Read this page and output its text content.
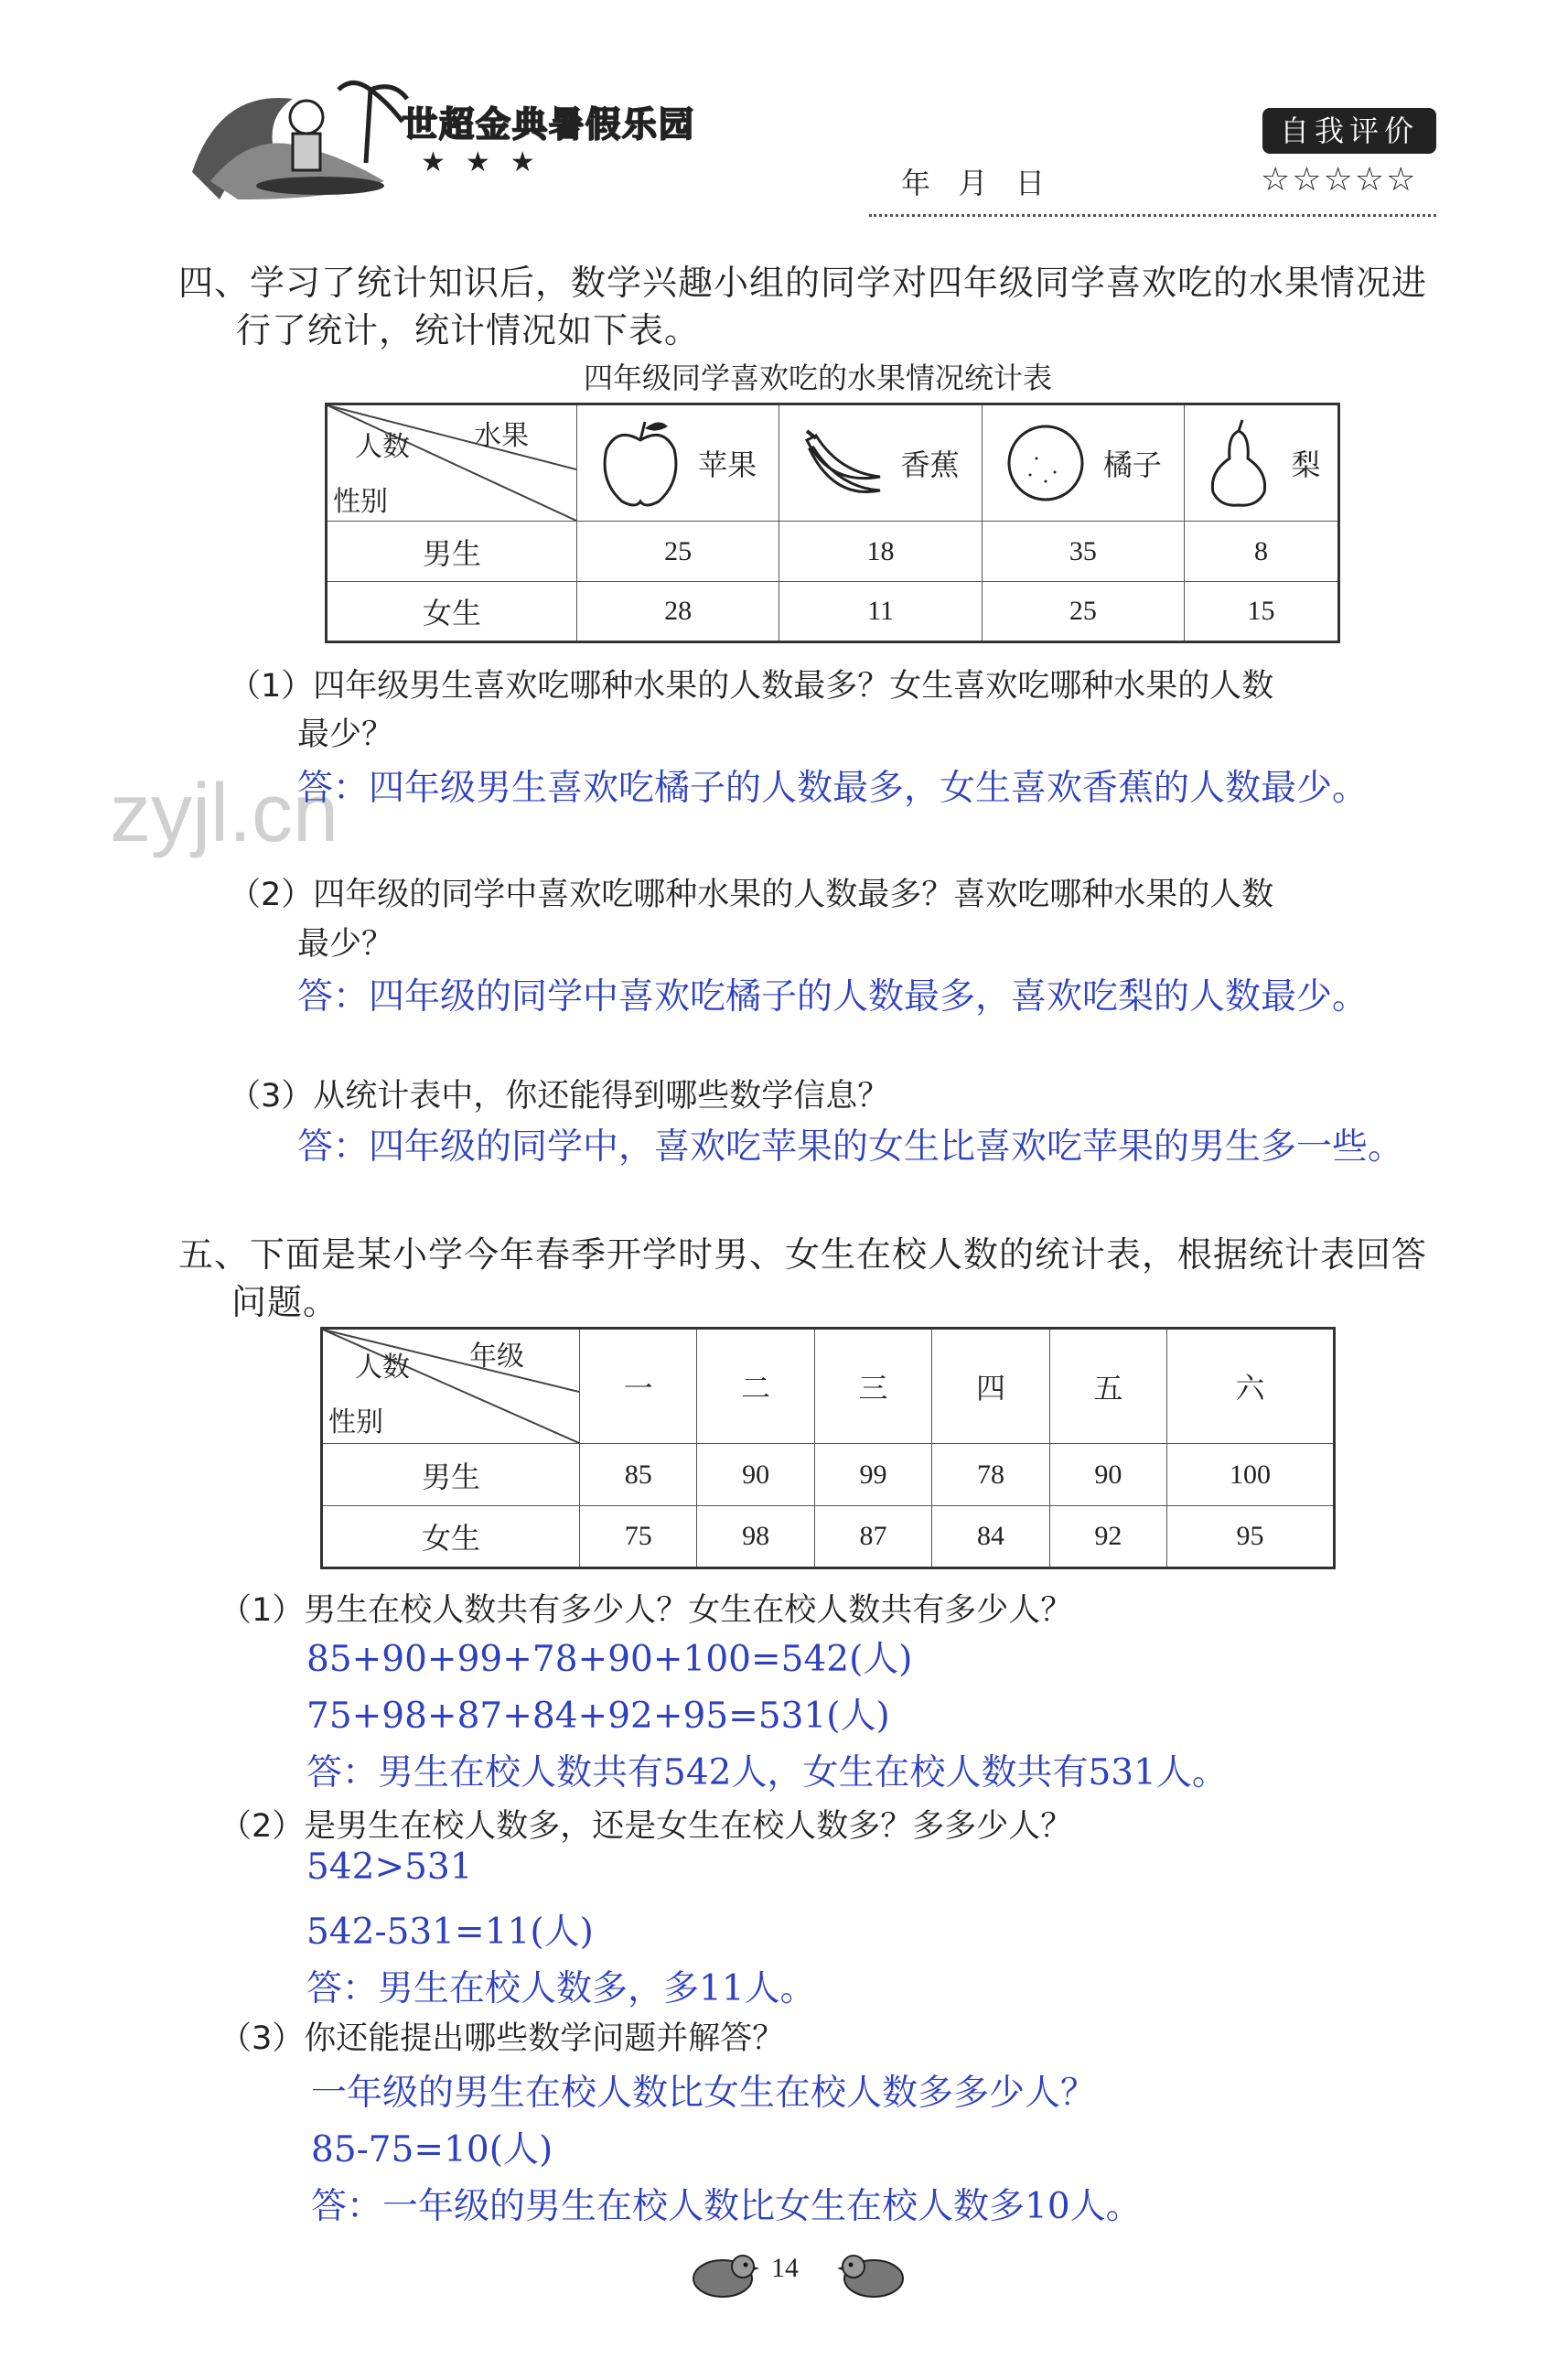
世超金典暑假乐园
★★★
年   月   日
自我评价
☆☆☆☆☆
zyjl.cn
四、学习了统计知识后，数学兴趣小组的同学对四年级同学喜欢吃的水果情况进
行了统计，统计情况如下表。
四年级同学喜欢吃的水果情况统计表
水果
人数
性别	苹果	香蕉	橘子	梨

男生	25	18	35	8
女生	28	11	25	15
（1）四年级男生喜欢吃哪种水果的人数最多？女生喜欢吃哪种水果的人数
最少？
答：四年级男生喜欢吃橘子的人数最多，女生喜欢香蕉的人数最少。
（2）四年级的同学中喜欢吃哪种水果的人数最多？喜欢吃哪种水果的人数
最少？
答：四年级的同学中喜欢吃橘子的人数最多，喜欢吃梨的人数最少。
（3）从统计表中，你还能得到哪些数学信息？
答：四年级的同学中，喜欢吃苹果的女生比喜欢吃苹果的男生多一些。
五、下面是某小学今年春季开学时男、女生在校人数的统计表，根据统计表回答
问题。
年级
人数
性别	一	二	三	四	五	六
男生	85	90	99	78	90	100
女生	75	98	87	84	92	95
（1）男生在校人数共有多少人？女生在校人数共有多少人？
85+90+99+78+90+100=542(人)
75+98+87+84+92+95=531(人)
答：男生在校人数共有542人，女生在校人数共有531人。
（2）是男生在校人数多，还是女生在校人数多？多多少人？
542>531
542-531=11(人)
答：男生在校人数多，多11人。
（3）你还能提出哪些数学问题并解答？
一年级的男生在校人数比女生在校人数多多少人？
85-75=10(人)
答：一年级的男生在校人数比女生在校人数多10人。
14
